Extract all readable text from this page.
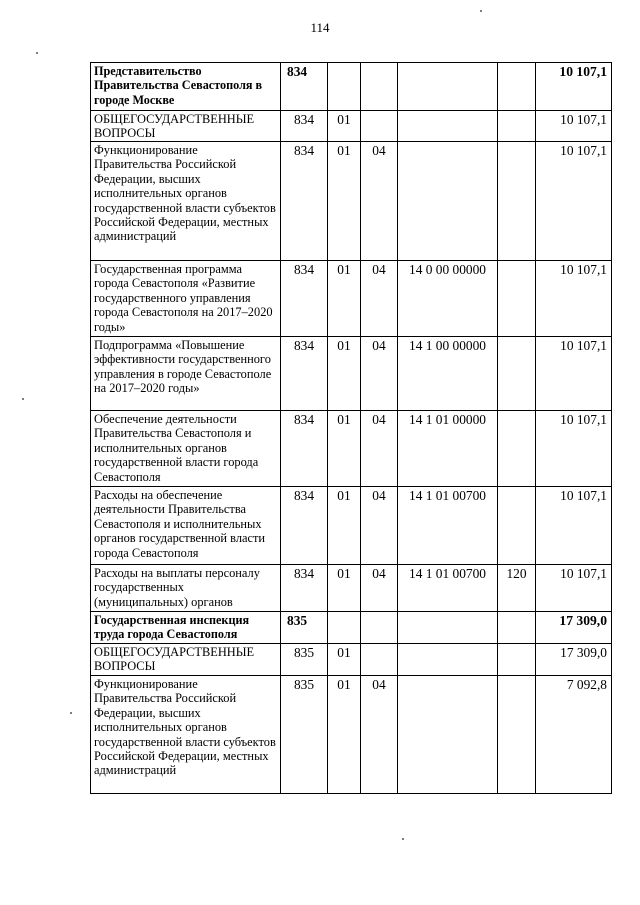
114
Представительство Правительства Севастополя в городе Москве	834					10 107,1
ОБЩЕГОСУДАРСТВЕННЫЕ ВОПРОСЫ	834	01				10 107,1
Функционирование Правительства Российской Федерации, высших исполнительных органов государственной власти субъектов Российской Федерации, местных администраций	834	01	04			10 107,1
Государственная программа города Севастополя «Развитие государственного управления города Севастополя на 2017–2020 годы»	834	01	04	14 0 00 00000		10 107,1
Подпрограмма «Повышение эффективности государственного управления в городе Севастополе на 2017–2020 годы»	834	01	04	14 1 00 00000		10 107,1
Обеспечение деятельности Правительства Севастополя и исполнительных органов государственной власти города Севастополя	834	01	04	14 1 01 00000		10 107,1
Расходы на обеспечение деятельности Правительства Севастополя и исполнительных органов государственной власти города Севастополя	834	01	04	14 1 01 00700		10 107,1
Расходы на выплаты персоналу государственных (муниципальных) органов	834	01	04	14 1 01 00700	120	10 107,1
Государственная инспекция труда города Севастополя	835					17 309,0
ОБЩЕГОСУДАРСТВЕННЫЕ ВОПРОСЫ	835	01				17 309,0
Функционирование Правительства Российской Федерации, высших исполнительных органов государственной власти субъектов Российской Федерации, местных администраций	835	01	04			7 092,8
